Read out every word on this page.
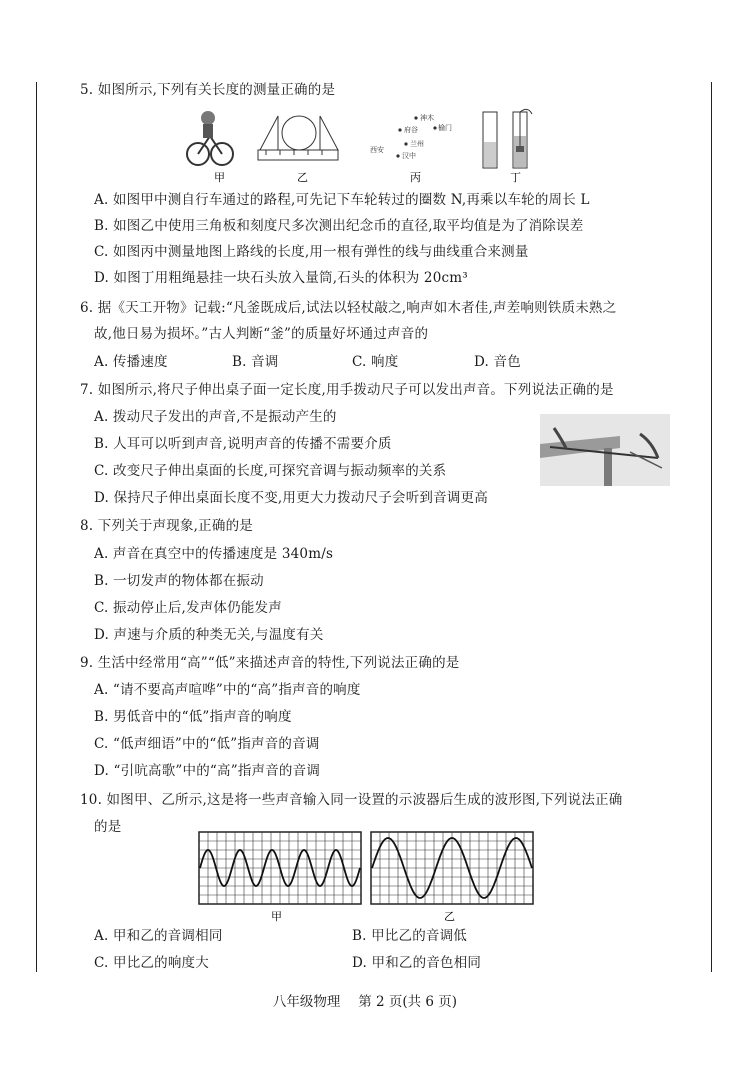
5. 如图所示,下列有关长度的测量正确的是
神木
榆门
府谷
兰州
西安
汉中
甲	乙	丙	丁
A. 如图甲中测自行车通过的路程,可先记下车轮转过的圈数 N,再乘以车轮的周长 L
B. 如图乙中使用三角板和刻度尺多次测出纪念币的直径,取平均值是为了消除误差
C. 如图丙中测量地图上路线的长度,用一根有弹性的线与曲线重合来测量
D. 如图丁用粗绳悬挂一块石头放入量筒,石头的体积为 20cm³
6. 据《天工开物》记载:“凡釜既成后,试法以轻杖敲之,响声如木者佳,声差响则铁质未熟之
故,他日易为损坏。”古人判断“釜”的质量好坏通过声音的
A. 传播速度	B. 音调	C. 响度	D. 音色
7. 如图所示,将尺子伸出桌子面一定长度,用手拨动尺子可以发出声音。下列说法正确的是
A. 拨动尺子发出的声音,不是振动产生的
B. 人耳可以听到声音,说明声音的传播不需要介质
C. 改变尺子伸出桌面的长度,可探究音调与振动频率的关系
D. 保持尺子伸出桌面长度不变,用更大力拨动尺子会听到音调更高
8. 下列关于声现象,正确的是
A. 声音在真空中的传播速度是 340m/s
B. 一切发声的物体都在振动
C. 振动停止后,发声体仍能发声
D. 声速与介质的种类无关,与温度有关
9. 生活中经常用“高”“低”来描述声音的特性,下列说法正确的是
A. “请不要高声喧哗”中的“高”指声音的响度
B. 男低音中的“低”指声音的响度
C. “低声细语”中的“低”指声音的音调
D. “引吭高歌”中的“高”指声音的音调
10. 如图甲、乙所示,这是将一些声音输入同一设置的示波器后生成的波形图,下列说法正确
的是
甲	乙
A. 甲和乙的音调相同	B. 甲比乙的音调低
C. 甲比乙的响度大	D. 甲和乙的音色相同
八年级物理　 第 2 页(共 6 页)
